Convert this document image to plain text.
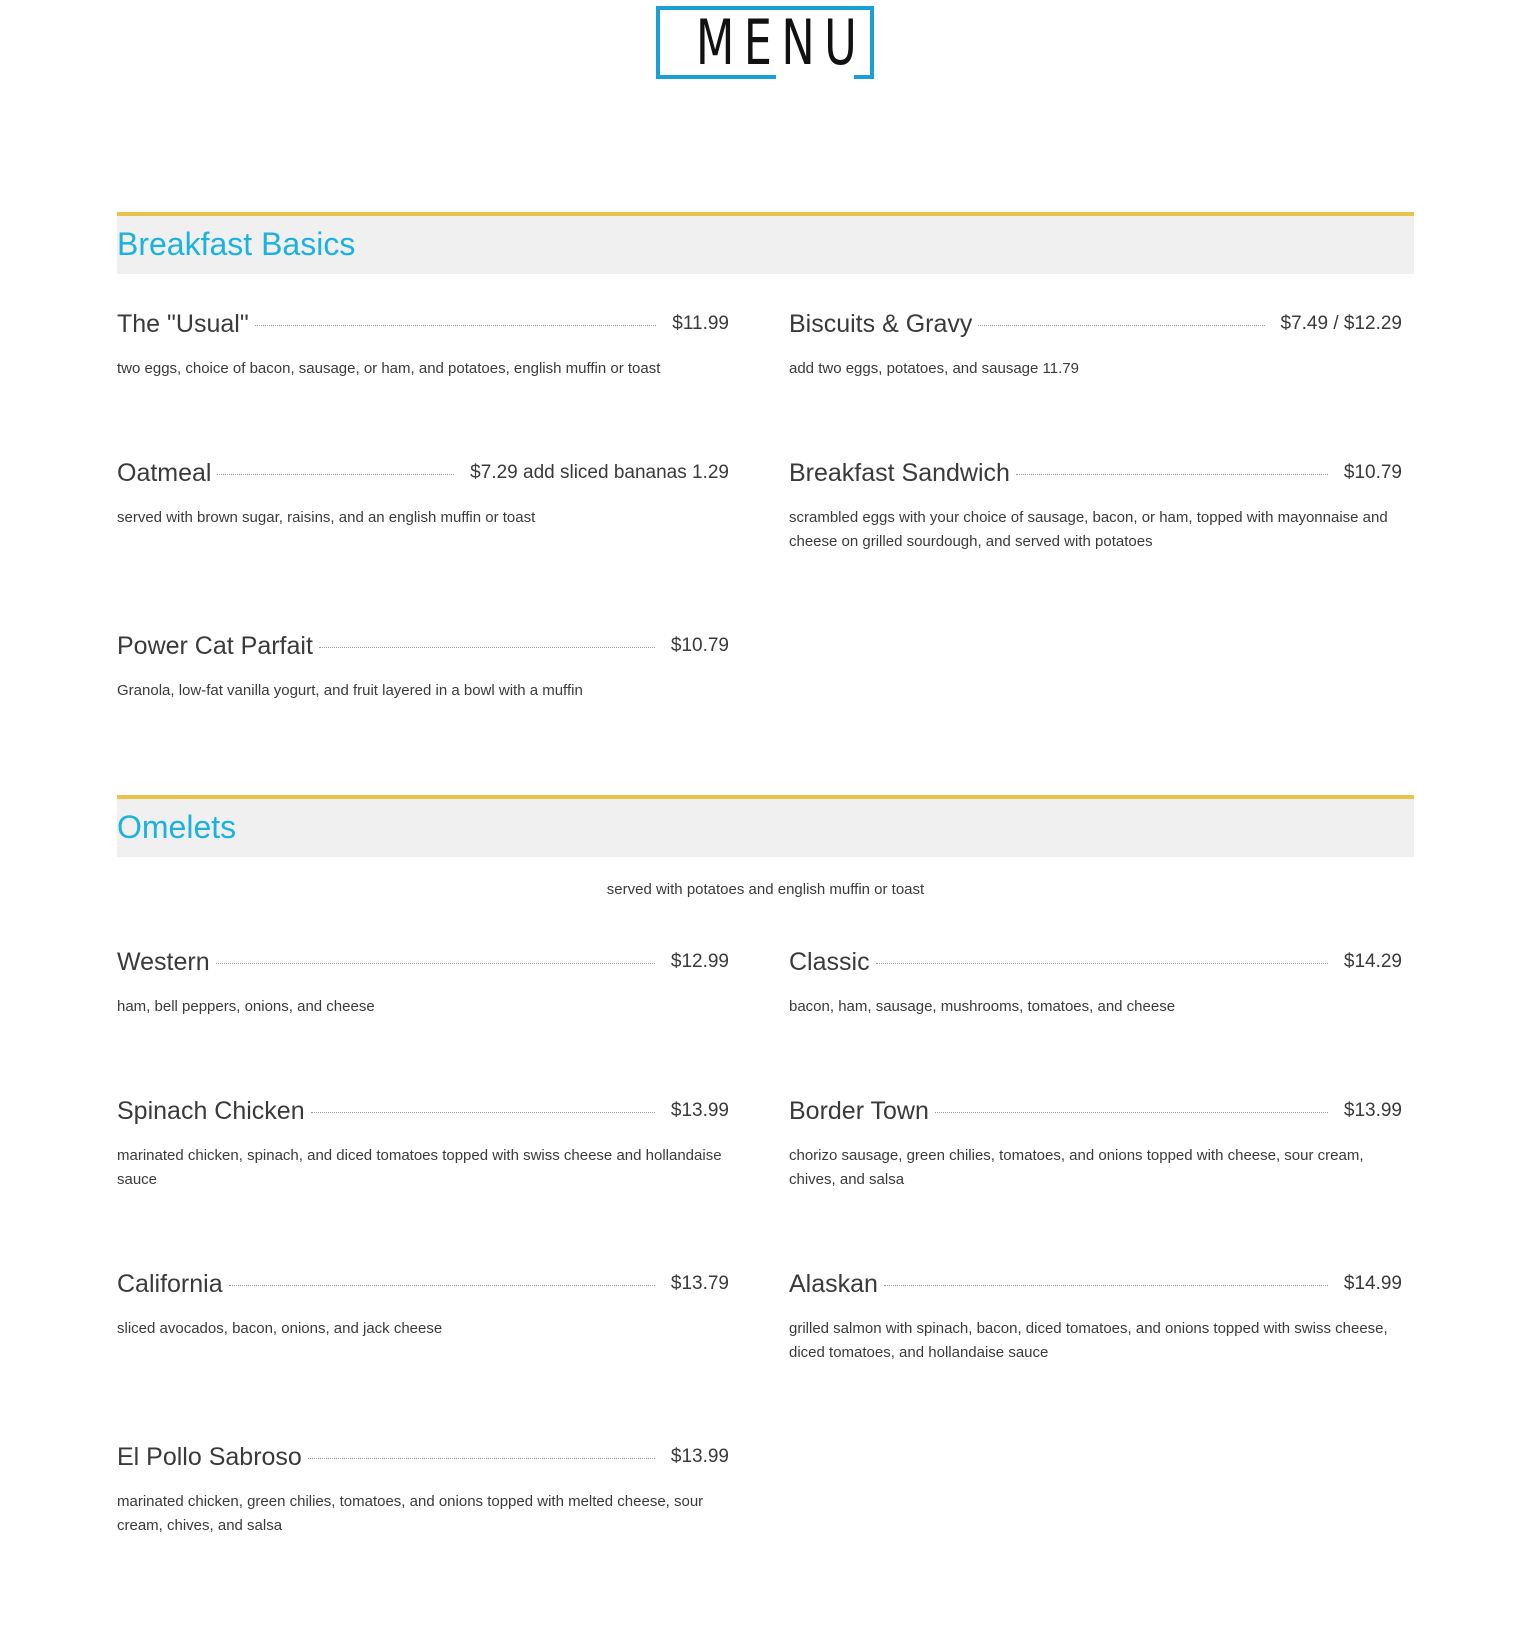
MENU
Breakfast Basics
The "Usual"	$11.99
two eggs, choice of bacon, sausage, or ham, and potatoes, english muffin or toast
Biscuits & Gravy	$7.49 / $12.29
add two eggs, potatoes, and sausage 11.79
Oatmeal	$7.29 add sliced bananas 1.29
served with brown sugar, raisins, and an english muffin or toast
Breakfast Sandwich	$10.79
scrambled eggs with your choice of sausage, bacon, or ham, topped with mayonnaise and cheese on grilled sourdough, and served with potatoes
Power Cat Parfait	$10.79
Granola, low-fat vanilla yogurt, and fruit layered in a bowl with a muffin
Omelets
served with potatoes and english muffin or toast
Western	$12.99
ham, bell peppers, onions, and cheese
Classic	$14.29
bacon, ham, sausage, mushrooms, tomatoes, and cheese
Spinach Chicken	$13.99
marinated chicken, spinach, and diced tomatoes topped with swiss cheese and hollandaise sauce
Border Town	$13.99
chorizo sausage, green chilies, tomatoes, and onions topped with cheese, sour cream, chives, and salsa
California	$13.79
sliced avocados, bacon, onions, and jack cheese
Alaskan	$14.99
grilled salmon with spinach, bacon, diced tomatoes, and onions topped with swiss cheese, diced tomatoes, and hollandaise sauce
El Pollo Sabroso	$13.99
marinated chicken, green chilies, tomatoes, and onions topped with melted cheese, sour cream, chives, and salsa
